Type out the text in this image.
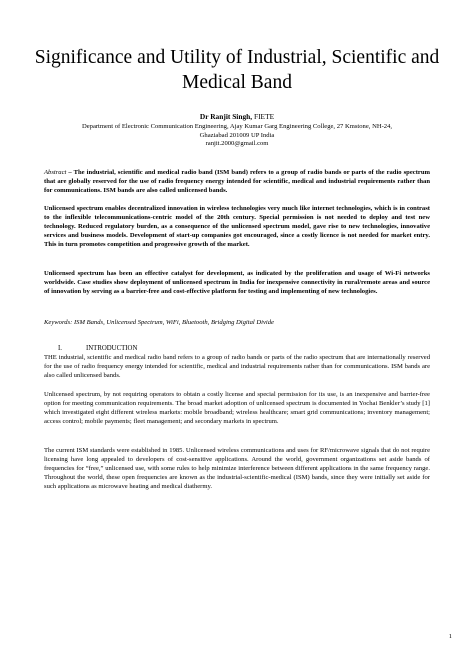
Significance and Utility of Industrial, Scientific and Medical Band
Dr Ranjit Singh, FIETE
Department of Electronic Communication Engineering, Ajay Kumar Garg Engineering College, 27 Kmstone, NH-24,
Ghaziabad 201009 UP India
ranjit.2000@gmail.com
Abstract – The industrial, scientific and medical radio band (ISM band) refers to a group of radio bands or parts of the radio spectrum that are globally reserved for the use of radio frequency energy intended for scientific, medical and industrial requirements rather than for communications. ISM bands are also called unlicensed bands.
Unlicensed spectrum enables decentralized innovation in wireless technologies very much like internet technologies, which is in contrast to the inflexible telecommunications-centric model of the 20th century. Special permission is not needed to deploy and test new technology. Reduced regulatory burden, as a consequence of the unlicensed spectrum model, gave rise to new technologies, innovative services and business models. Development of start-up companies got encouraged, since a costly licence is not needed for market entry. This in turn promotes competition and progressive growth of the market.
Unlicensed spectrum has been an effective catalyst for development, as indicated by the proliferation and usage of Wi-Fi networks worldwide. Case studies show deployment of unlicensed spectrum in India for inexpensive connectivity in rural/remote areas and source of innovation by serving as a barrier-free and cost-effective platform for testing and implementing of new technologies.
Keywords: ISM Bands, Unlicensed Spectrum, WiFi, Bluetooth, Bridging Digital Divide
I.	INTRODUCTION
THE industrial, scientific and medical radio band refers to a group of radio bands or parts of the radio spectrum that are internationally reserved for the use of radio frequency energy intended for scientific, medical and industrial requirements rather than for communications. ISM bands are also called unlicensed bands.
Unlicensed spectrum, by not requiring operators to obtain a costly license and special permission for its use, is an inexpensive and barrier-free option for meeting communication requirements. The broad market adoption of unlicensed spectrum is documented in Yochai Benkler’s study [1] which investigated eight different wireless markets: mobile broadband; wireless healthcare; smart grid communications; inventory management; access control; mobile payments; fleet management; and secondary markets in spectrum.
The current ISM standards were established in 1985. Unlicensed wireless communications and uses for RF/microwave signals that do not require licensing have long appealed to developers of cost-sensitive applications. Around the world, government organizations set aside bands of frequencies for “free,” unlicensed use, with some rules to help minimize interference between different applications in the same frequency range. Throughout the world, these open frequencies are known as the industrial-scientific-medical (ISM) bands, since they were initially set aside for such applications as microwave heating and medical diathermy.
1
